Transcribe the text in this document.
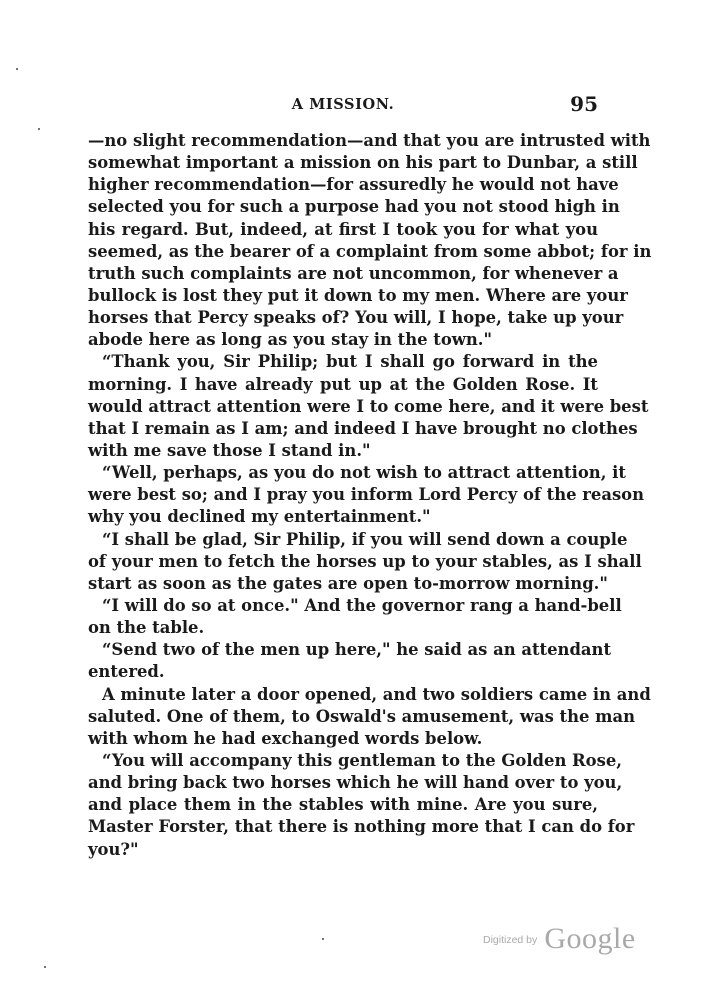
A MISSION.	95
—no slight recommendation—and that you are intrusted with
somewhat important a mission on his part to Dunbar, a still
higher recommendation—for assuredly he would not have
selected you for such a purpose had you not stood high in
his regard. But, indeed, at first I took you for what you
seemed, as the bearer of a complaint from some abbot; for in
truth such complaints are not uncommon, for whenever a
bullock is lost they put it down to my men. Where are your
horses that Percy speaks of? You will, I hope, take up your
abode here as long as you stay in the town."
“Thank you, Sir Philip; but I shall go forward in the
morning. I have already put up at the Golden Rose. It
would attract attention were I to come here, and it were best
that I remain as I am; and indeed I have brought no clothes
with me save those I stand in."
“Well, perhaps, as you do not wish to attract attention, it
were best so; and I pray you inform Lord Percy of the reason
why you declined my entertainment."
“I shall be glad, Sir Philip, if you will send down a couple
of your men to fetch the horses up to your stables, as I shall
start as soon as the gates are open to-morrow morning."
“I will do so at once." And the governor rang a hand-bell
on the table.
“Send two of the men up here," he said as an attendant
entered.
A minute later a door opened, and two soldiers came in and
saluted. One of them, to Oswald's amusement, was the man
with whom he had exchanged words below.
“You will accompany this gentleman to the Golden Rose,
and bring back two horses which he will hand over to you,
and place them in the stables with mine. Are you sure,
Master Forster, that there is nothing more that I can do for
you?"
$^{Digitized by}$ Google
